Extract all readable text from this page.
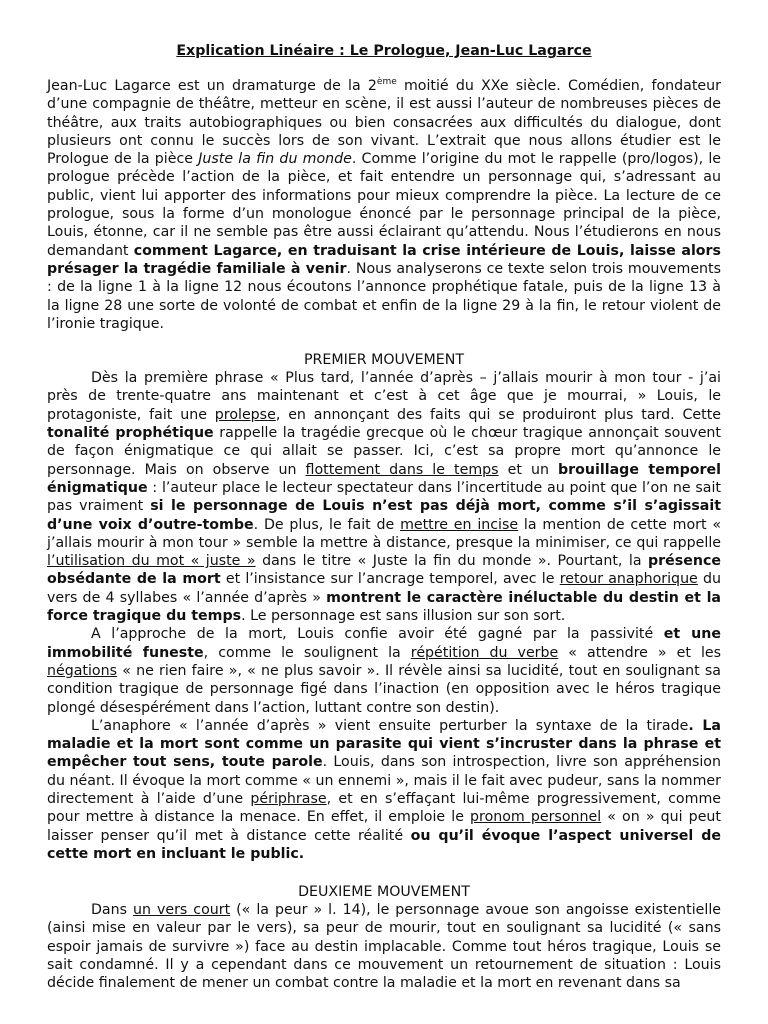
Explication Linéaire : Le Prologue, Jean-Luc Lagarce

Jean-Luc Lagarce est un dramaturge de la 2ème moitié du XXe siècle. Comédien, fondateur d’une compagnie de théâtre, metteur en scène, il est aussi l’auteur de nombreuses pièces de théâtre, aux traits autobiographiques ou bien consacrées aux difficultés du dialogue, dont plusieurs ont connu le succès lors de son vivant. L’extrait que nous allons étudier est le Prologue de la pièce Juste la fin du monde. Comme l’origine du mot le rappelle (pro/logos), le prologue précède l’action de la pièce, et fait entendre un personnage qui, s’adressant au public, vient lui apporter des informations pour mieux comprendre la pièce. La lecture de ce prologue, sous la forme d’un monologue énoncé par le personnage principal de la pièce, Louis, étonne, car il ne semble pas être aussi éclairant qu’attendu. Nous l’étudierons en nous demandant comment Lagarce, en traduisant la crise intérieure de Louis, laisse alors présager la tragédie familiale à venir. Nous analyserons ce texte selon trois mouvements : de la ligne 1 à la ligne 12 nous écoutons l’annonce prophétique fatale, puis de la ligne 13 à la ligne 28 une sorte de volonté de combat et enfin de la ligne 29 à la fin, le retour violent de l’ironie tragique.

PREMIER MOUVEMENT

Dès la première phrase « Plus tard, l’année d’après – j’allais mourir à mon tour - j’ai près de trente-quatre ans maintenant et c’est à cet âge que je mourrai, » Louis, le protagoniste, fait une prolepse, en annonçant des faits qui se produiront plus tard. Cette tonalité prophétique rappelle la tragédie grecque où le chœur tragique annonçait souvent de façon énigmatique ce qui allait se passer. Ici, c’est sa propre mort qu’annonce le personnage. Mais on observe un flottement dans le temps et un brouillage temporel énigmatique : l’auteur place le lecteur spectateur dans l’incertitude au point que l’on ne sait pas vraiment si le personnage de Louis n’est pas déjà mort, comme s’il s’agissait d’une voix d’outre-tombe. De plus, le fait de mettre en incise la mention de cette mort « j’allais mourir à mon tour » semble la mettre à distance, presque la minimiser, ce qui rappelle l’utilisation du mot « juste » dans le titre « Juste la fin du monde ». Pourtant, la présence obsédante de la mort et l’insistance sur l’ancrage temporel, avec le retour anaphorique du vers de 4 syllabes « l’année d’après » montrent le caractère inéluctable du destin et la force tragique du temps. Le personnage est sans illusion sur son sort.

A l’approche de la mort, Louis confie avoir été gagné par la passivité et une immobilité funeste, comme le soulignent la répétition du verbe « attendre » et les négations « ne rien faire », « ne plus savoir ». Il révèle ainsi sa lucidité, tout en soulignant sa condition tragique de personnage figé dans l’inaction (en opposition avec le héros tragique plongé désespérément dans l’action, luttant contre son destin).

L’anaphore « l’année d’après » vient ensuite perturber la syntaxe de la tirade. La maladie et la mort sont comme un parasite qui vient s’incruster dans la phrase et empêcher tout sens, toute parole. Louis, dans son introspection, livre son appréhension du néant. Il évoque la mort comme « un ennemi », mais il le fait avec pudeur, sans la nommer directement à l’aide d’une périphrase, et en s’effaçant lui-même progressivement, comme pour mettre à distance la menace. En effet, il emploie le pronom personnel « on » qui peut laisser penser qu’il met à distance cette réalité ou qu’il évoque l’aspect universel de cette mort en incluant le public.

DEUXIEME MOUVEMENT

Dans un vers court (« la peur » l. 14), le personnage avoue son angoisse existentielle (ainsi mise en valeur par le vers), sa peur de mourir, tout en soulignant sa lucidité (« sans espoir jamais de survivre ») face au destin implacable. Comme tout héros tragique, Louis se sait condamné. Il y a cependant dans ce mouvement un retournement de situation : Louis décide finalement de mener un combat contre la maladie et la mort en revenant dans sa
